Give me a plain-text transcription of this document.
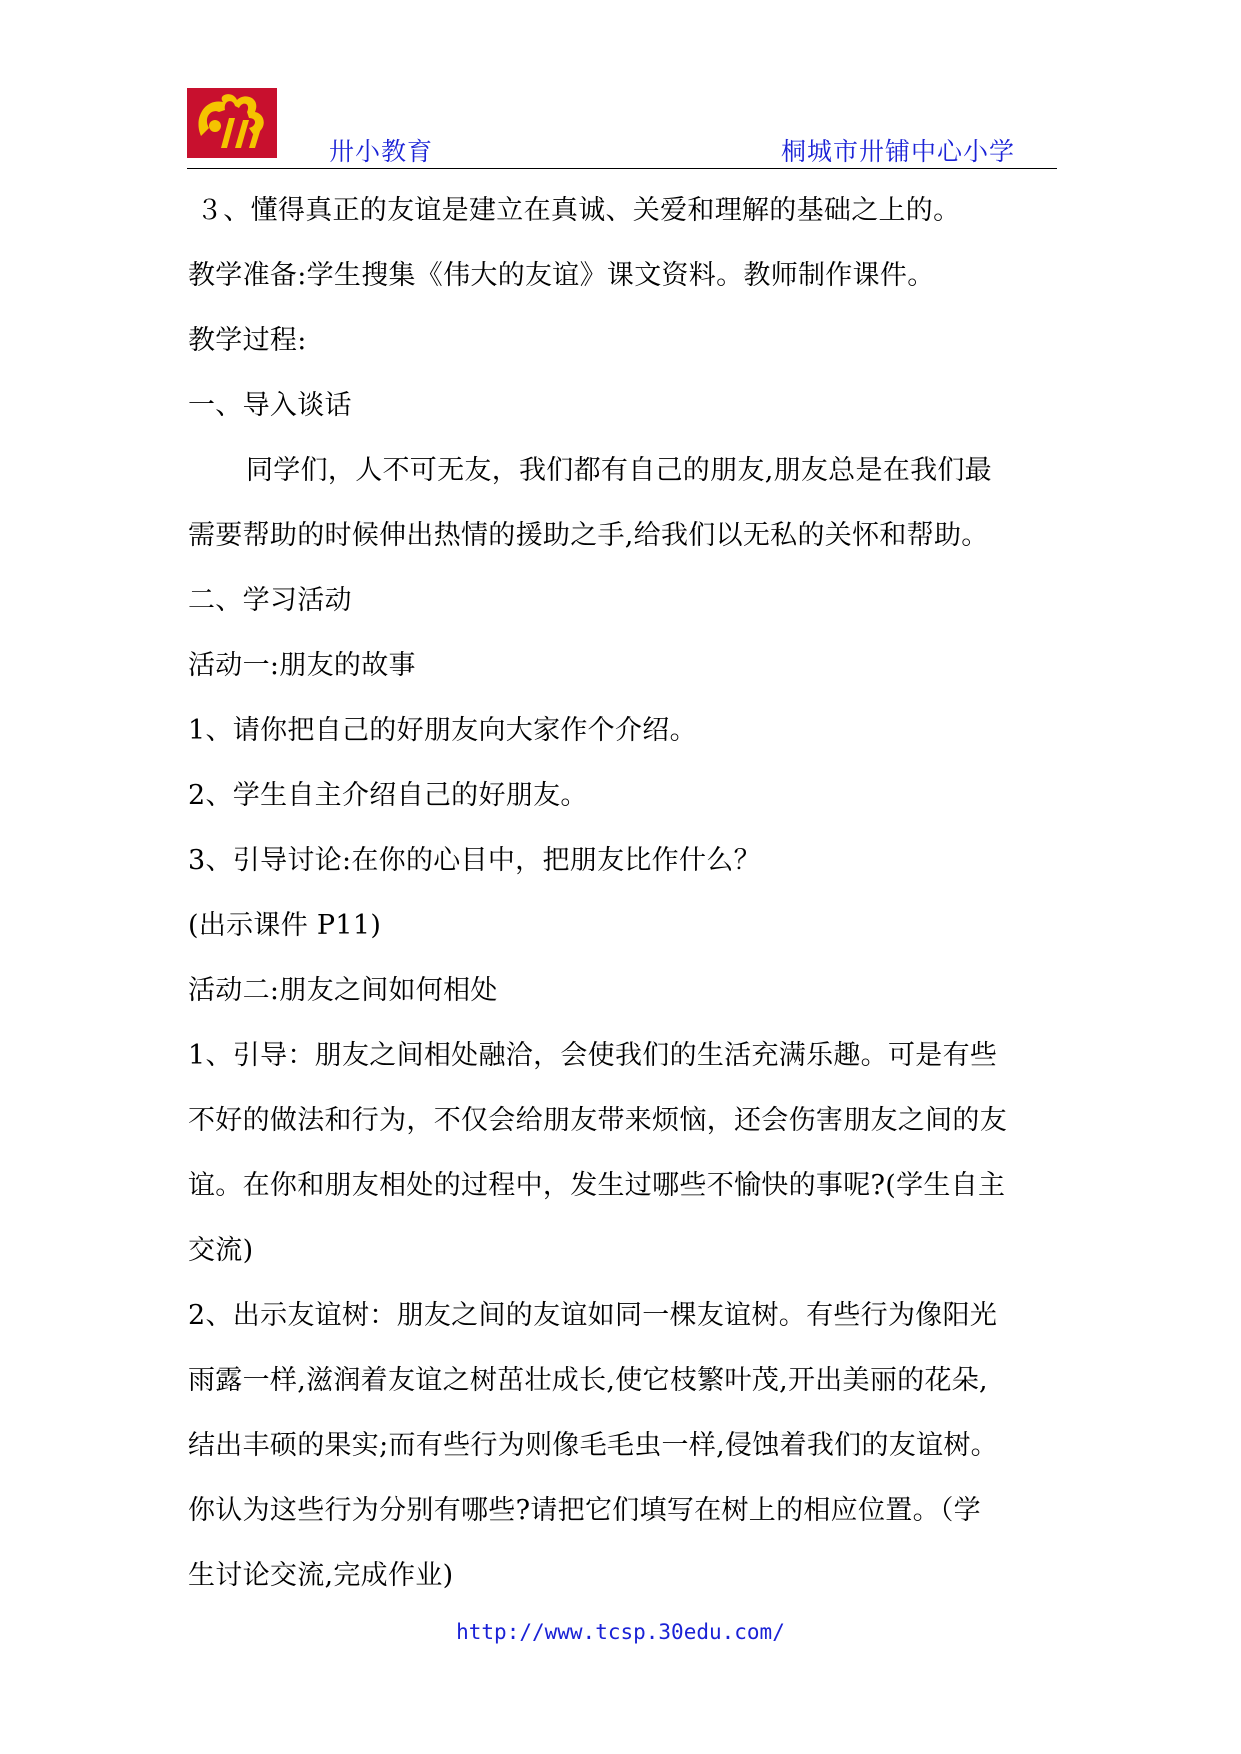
卅小教育	桐城市卅铺中心小学
３、懂得真正的友谊是建立在真诚、关爱和理解的基础之上的。
教学准备:学生搜集《伟大的友谊》课文资料。教师制作课件。
教学过程:
一、导入谈话
同学们，人不可无友，我们都有自己的朋友,朋友总是在我们最
需要帮助的时候伸出热情的援助之手,给我们以无私的关怀和帮助。
二、学习活动
活动一:朋友的故事
1、请你把自己的好朋友向大家作个介绍。
2、学生自主介绍自己的好朋友。
3、引导讨论:在你的心目中，把朋友比作什么？
(出示课件 P11)
活动二:朋友之间如何相处
1、引导：朋友之间相处融洽，会使我们的生活充满乐趣。可是有些
不好的做法和行为，不仅会给朋友带来烦恼，还会伤害朋友之间的友
谊。在你和朋友相处的过程中，发生过哪些不愉快的事呢?(学生自主
交流)
2、出示友谊树：朋友之间的友谊如同一棵友谊树。有些行为像阳光
雨露一样,滋润着友谊之树茁壮成长,使它枝繁叶茂,开出美丽的花朵,
结出丰硕的果实;而有些行为则像毛毛虫一样,侵蚀着我们的友谊树。
你认为这些行为分别有哪些?请把它们填写在树上的相应位置。（学
生讨论交流,完成作业)
http://www.tcsp.30edu.com/
